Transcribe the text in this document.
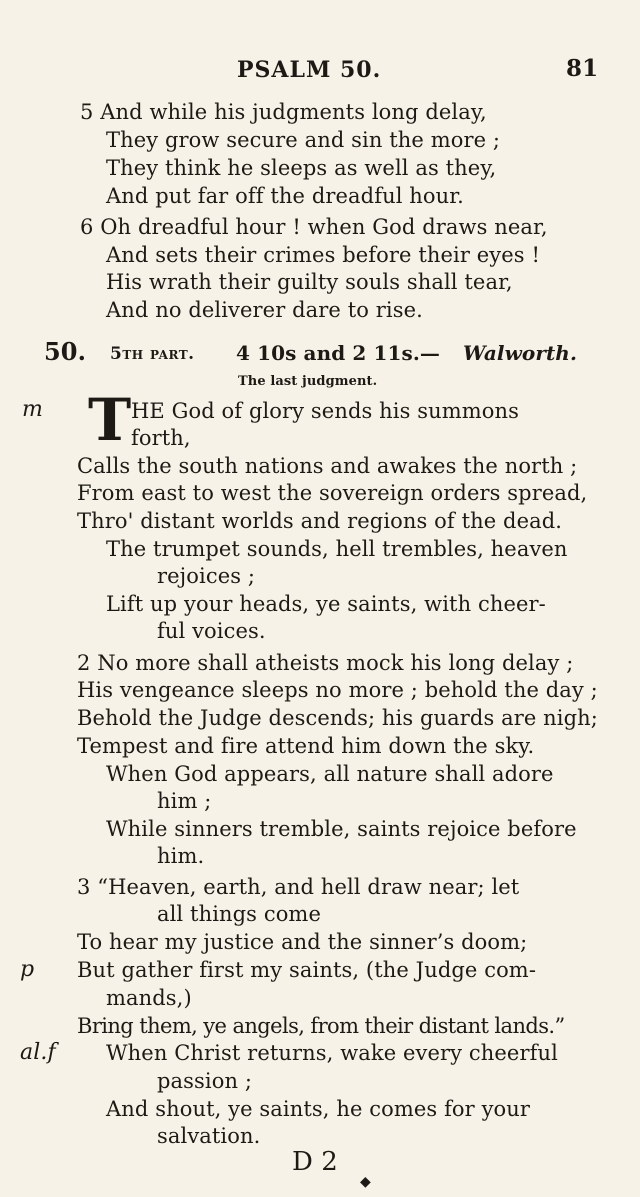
PSALM 50.	81
5 And while his judgments long delay,
They grow secure and sin the more ;
They think he sleeps as well as they,
And put far off the dreadful hour.
6 Oh dreadful hour ! when God draws near,
And sets their crimes before their eyes !
His wrath their guilty souls shall tear,
And no deliverer dare to rise.
50. 5th part. 4 10s and 2 11s.— Walworth.
The last judgment.
m T HE God of glory sends his summons
forth,
Calls the south nations and awakes the north ;
From east to west the sovereign orders spread,
Thro' distant worlds and regions of the dead.
The trumpet sounds, hell trembles, heaven
rejoices ;
Lift up your heads, ye saints, with cheer-
ful voices.
2 No more shall atheists mock his long delay ;
His vengeance sleeps no more ; behold the day ;
Behold the Judge descends; his guards are nigh;
Tempest and fire attend him down the sky.
When God appears, all nature shall adore
him ;
While sinners tremble, saints rejoice before
him.
3 “Heaven, earth, and hell draw near; let
all things come
To hear my justice and the sinner’s doom;
p But gather first my saints, (the Judge com-
mands,)
Bring them, ye angels, from their distant lands.”
al.f When Christ returns, wake every cheerful
passion ;
And shout, ye saints, he comes for your
salvation.
D 2
◆
